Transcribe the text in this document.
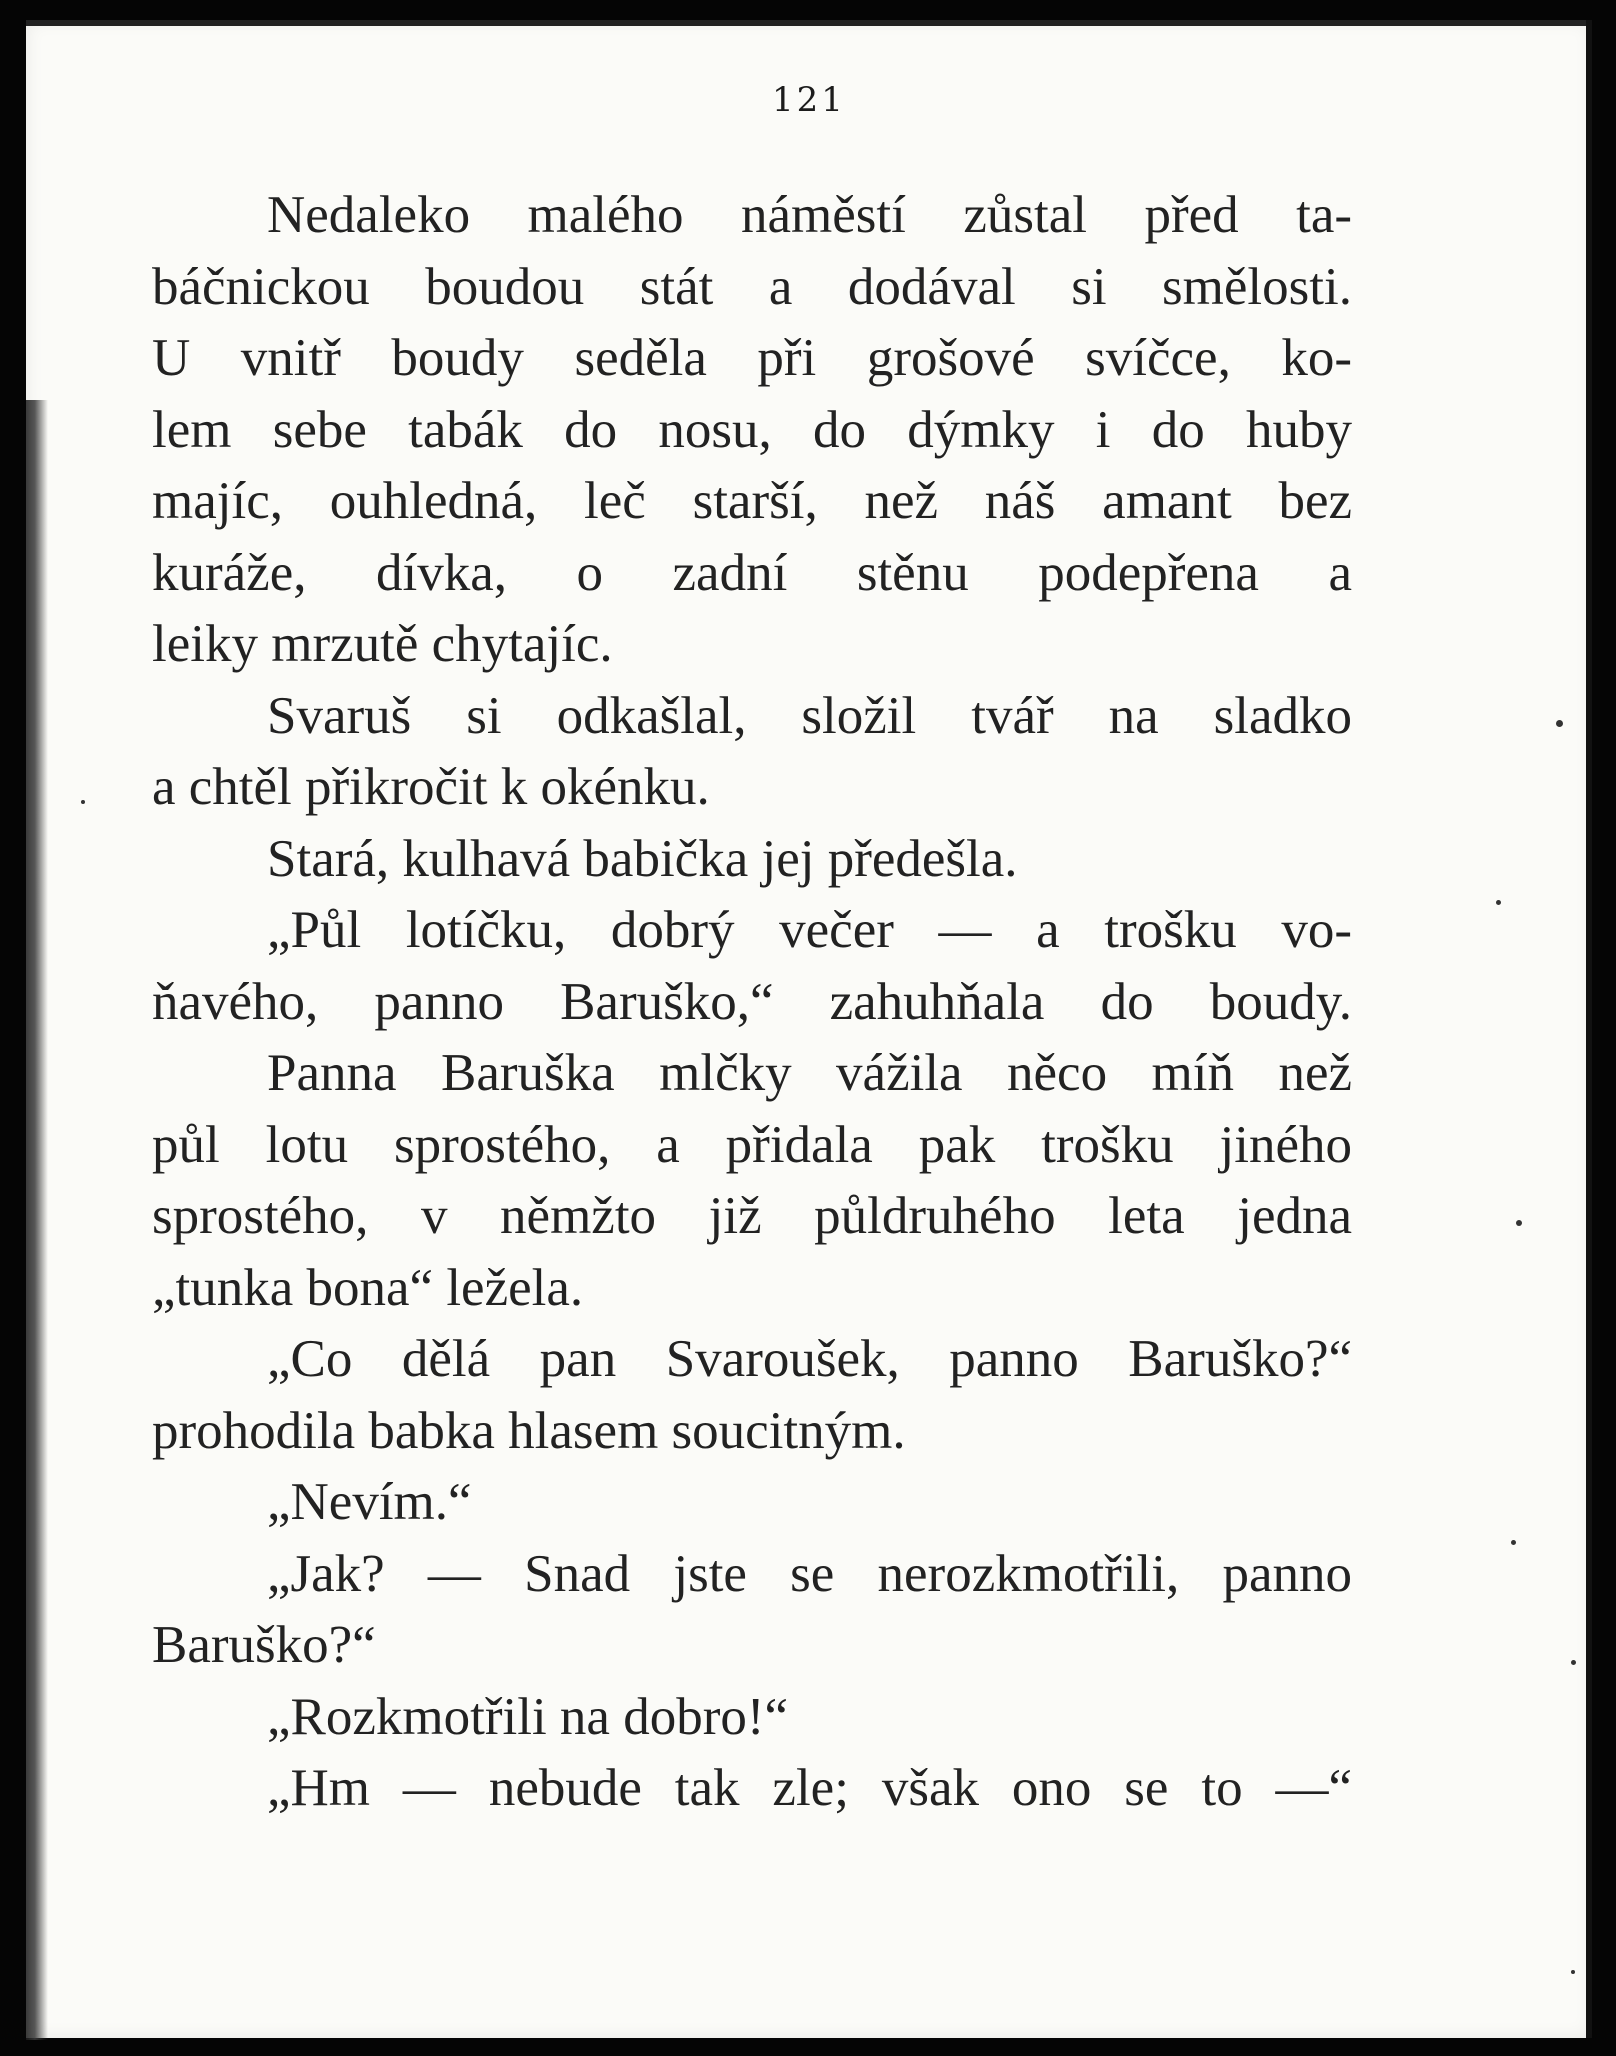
121
Nedaleko malého náměstí zůstal před ta-
báčnickou boudou stát a dodával si smělosti.
U vnitř boudy seděla při grošové svíčce, ko-
lem sebe tabák do nosu, do dýmky i do huby
majíc, ouhledná, leč starší, než náš amant bez
kuráže, dívka, o zadní stěnu podepřena a
leiky mrzutě chytajíc.
Svaruš si odkašlal, složil tvář na sladko
a chtěl přikročit k okénku.
Stará, kulhavá babička jej předešla.
„Půl lotíčku, dobrý večer — a trošku vo-
ňavého, panno Baruško,“ zahuhňala do boudy.
Panna Baruška mlčky vážila něco míň než
půl lotu sprostého, a přidala pak trošku jiného
sprostého, v němžto již půldruhého leta jedna
„tunka bona“ ležela.
„Co dělá pan Svaroušek, panno Baruško?“
prohodila babka hlasem soucitným.
„Nevím.“
„Jak? — Snad jste se nerozkmotřili, panno
Baruško?“
„Rozkmotřili na dobro!“
„Hm — nebude tak zle; však ono se to —“
